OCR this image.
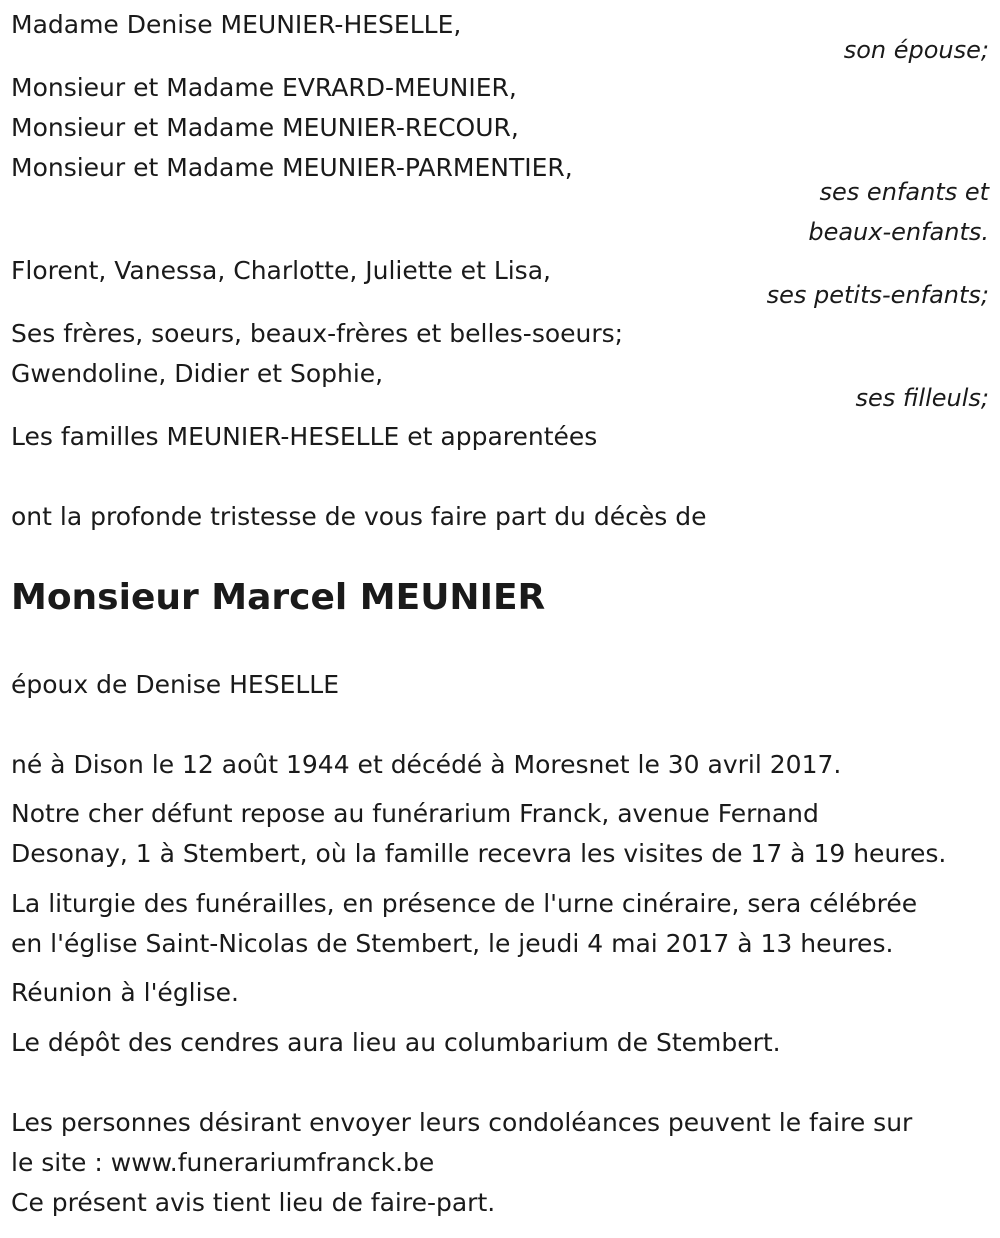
Madame Denise MEUNIER-HESELLE,
son épouse;
Monsieur et Madame EVRARD-MEUNIER,
Monsieur et Madame MEUNIER-RECOUR,
Monsieur et Madame MEUNIER-PARMENTIER,
ses enfants et
beaux-enfants.
Florent, Vanessa, Charlotte, Juliette et Lisa,
ses petits-enfants;
Ses frères, soeurs, beaux-frères et belles-soeurs;
Gwendoline, Didier et Sophie,
ses filleuls;
Les familles MEUNIER-HESELLE et apparentées
ont la profonde tristesse de vous faire part du décès de
Monsieur Marcel MEUNIER
époux de Denise HESELLE
né à Dison le 12 août 1944 et décédé à Moresnet le 30 avril 2017.
Notre cher défunt repose au funérarium Franck, avenue Fernand
Desonay, 1 à Stembert, où la famille recevra les visites de 17 à 19 heures.
La liturgie des funérailles, en présence de l'urne cinéraire, sera célébrée
en l'église Saint-Nicolas de Stembert, le jeudi 4 mai 2017 à 13 heures.
Réunion à l'église.
Le dépôt des cendres aura lieu au columbarium de Stembert.
Les personnes désirant envoyer leurs condoléances peuvent le faire sur
le site : www.funerariumfranck.be
Ce présent avis tient lieu de faire-part.
